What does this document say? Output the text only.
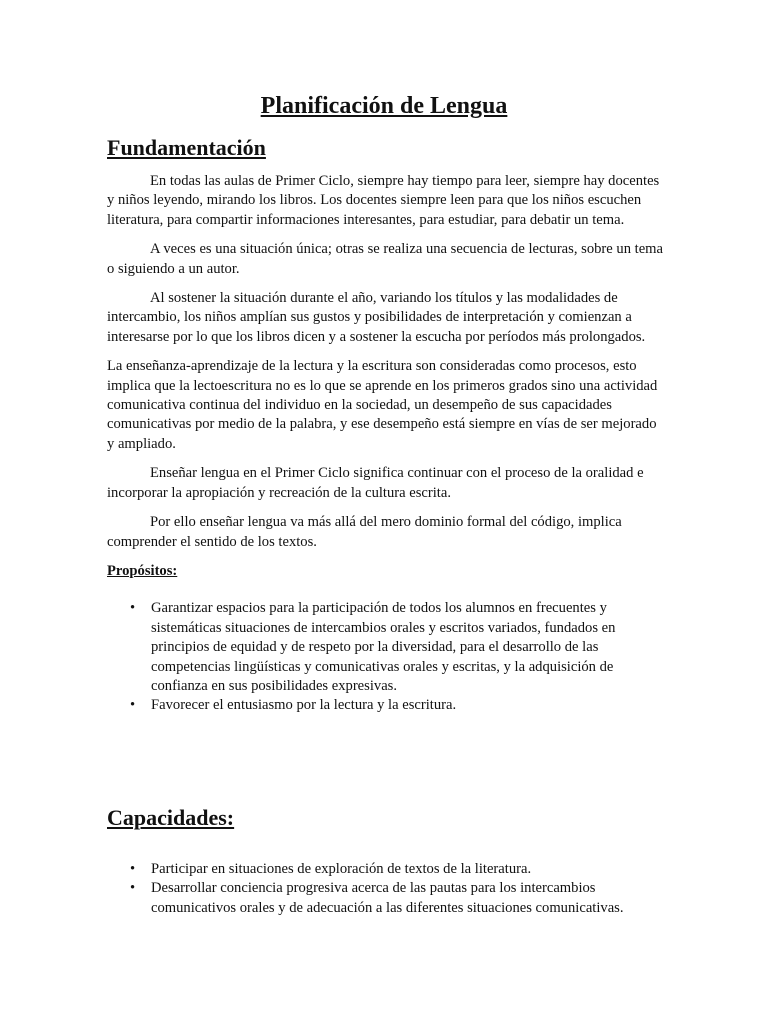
Planificación de Lengua
Fundamentación

En todas las aulas de Primer Ciclo, siempre hay tiempo para leer, siempre hay docentes y niños leyendo, mirando los libros. Los docentes siempre leen para que los niños escuchen literatura, para compartir informaciones interesantes, para estudiar, para debatir un tema.

A veces es una situación única; otras se realiza una secuencia de lecturas, sobre un tema o siguiendo a un autor.

Al sostener la situación durante el año, variando los títulos y las modalidades de intercambio, los niños amplían sus gustos y posibilidades de interpretación y comienzan a interesarse por lo que los libros dicen y a sostener la escucha por períodos más prolongados.

La enseñanza-aprendizaje de la lectura y la escritura son consideradas como procesos, esto implica que la lectoescritura no es lo que se aprende en los primeros grados sino una actividad comunicativa continua del individuo en la sociedad, un desempeño de sus capacidades comunicativas por medio de la palabra, y ese desempeño está siempre en vías de ser mejorado y ampliado.

Enseñar lengua en el Primer Ciclo significa continuar con el proceso de la oralidad e incorporar la apropiación y recreación de la cultura escrita.

Por ello enseñar lengua va más allá del mero dominio formal del código, implica comprender el sentido de los textos.

Propósitos:
• Garantizar espacios para la participación de todos los alumnos en frecuentes y sistemáticas situaciones de intercambios orales y escritos variados, fundados en principios de equidad y de respeto por la diversidad, para el desarrollo de las competencias lingüísticas y comunicativas orales y escritas, y la adquisición de confianza en sus posibilidades expresivas.
• Favorecer el entusiasmo por la lectura y la escritura.
Capacidades:
• Participar en situaciones de exploración de textos de la literatura.
• Desarrollar conciencia progresiva acerca de las pautas para los intercambios comunicativos orales y de adecuación a las diferentes situaciones comunicativas.
